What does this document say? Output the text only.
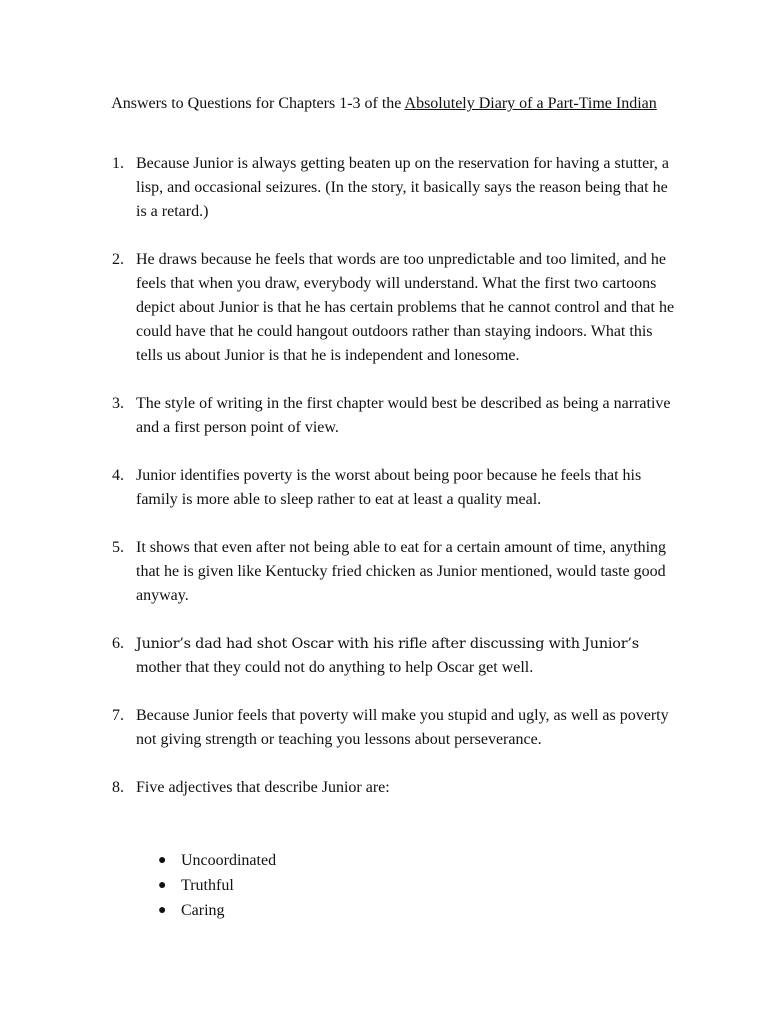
Answers to Questions for Chapters 1-3 of the Absolutely Diary of a Part-Time Indian
1. Because Junior is always getting beaten up on the reservation for having a stutter, a lisp, and occasional seizures. (In the story, it basically says the reason being that he is a retard.)
2. He draws because he feels that words are too unpredictable and too limited, and he feels that when you draw, everybody will understand. What the first two cartoons depict about Junior is that he has certain problems that he cannot control and that he could have that he could hangout outdoors rather than staying indoors. What this tells us about Junior is that he is independent and lonesome.
3. The style of writing in the first chapter would best be described as being a narrative and a first person point of view.
4. Junior identifies poverty is the worst about being poor because he feels that his family is more able to sleep rather to eat at least a quality meal.
5. It shows that even after not being able to eat for a certain amount of time, anything that he is given like Kentucky fried chicken as Junior mentioned, would taste good anyway.
6. Junior’s dad had shot Oscar with his rifle after discussing with Junior’s
mother that they could not do anything to help Oscar get well.
7. Because Junior feels that poverty will make you stupid and ugly, as well as poverty not giving strength or teaching you lessons about perseverance.
8. Five adjectives that describe Junior are:
● Uncoordinated
● Truthful
● Caring
